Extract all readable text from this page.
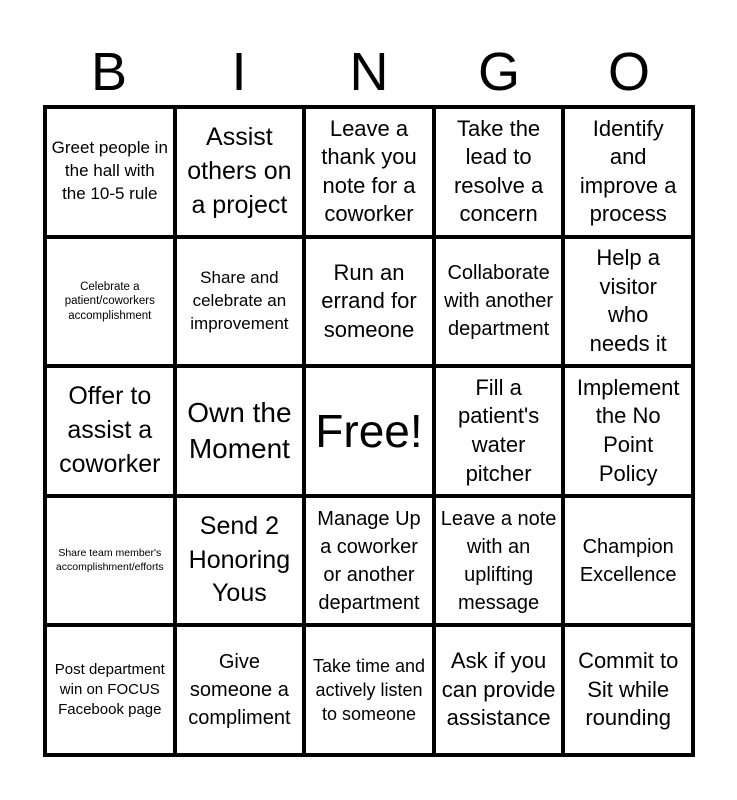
B	I	N	G	O
Greet people in the hall with the 10-5 rule
Assist others on a project
Leave a thank you note for a coworker
Take the lead to resolve a concern
Identify and improve a process
Celebrate a patient/coworkers accomplishment
Share and celebrate an improvement
Run an errand for someone
Collaborate with another department
Help a visitor who needs it
Offer to assist a coworker
Own the Moment Free!
Fill a patient's water pitcher
Implement the No Point Policy
Share team member's accomplishment/efforts
Send 2 Honoring Yous
Manage Up a coworker or another department
Leave a note with an uplifting message
Champion Excellence
Post department win on FOCUS Facebook page
Give someone a compliment
Take time and actively listen to someone
Ask if you can provide assistance
Commit to Sit while rounding
